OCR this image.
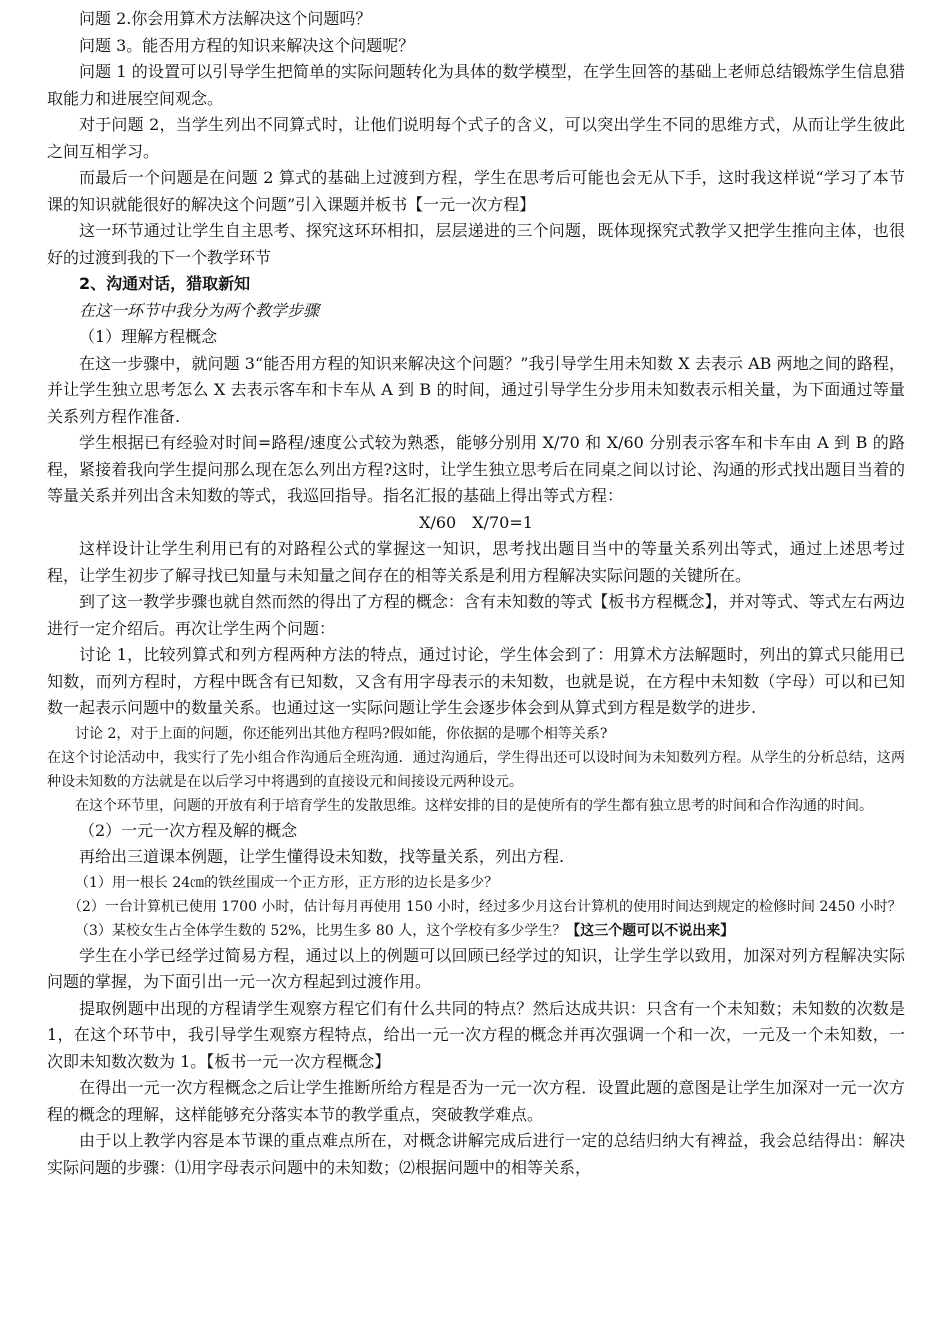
问题 2.你会用算术方法解决这个问题吗？

问题 3。能否用方程的知识来解决这个问题呢？

问题 1 的设置可以引导学生把简单的实际问题转化为具体的数学模型，在学生回答的基础上老师总结锻炼学生信息猎取能力和进展空间观念。

对于问题 2，当学生列出不同算式时，让他们说明每个式子的含义，可以突出学生不同的思维方式，从而让学生彼此之间互相学习。

而最后一个问题是在问题 2 算式的基础上过渡到方程，学生在思考后可能也会无从下手，这时我这样说“学习了本节课的知识就能很好的解决这个问题”引入课题并板书【一元一次方程】

这一环节通过让学生自主思考、探究这环环相扣，层层递进的三个问题，既体现探究式教学又把学生推向主体，也很好的过渡到我的下一个教学环节

2、沟通对话，猎取新知

在这一环节中我分为两个教学步骤

（1）理解方程概念

在这一步骤中，就问题 3“能否用方程的知识来解决这个问题？”我引导学生用未知数 X 去表示 AB 两地之间的路程，并让学生独立思考怎么 X 去表示客车和卡车从 A 到 B 的时间，通过引导学生分步用未知数表示相关量，为下面通过等量关系列方程作准备.

学生根据已有经验对时间=路程/速度公式较为熟悉，能够分别用 X/70 和 X/60 分别表示客车和卡车由 A 到 B 的路程，紧接着我向学生提问那么现在怎么列出方程?这时，让学生独立思考后在同桌之间以讨论、沟通的形式找出题目当着的等量关系并列出含未知数的等式，我巡回指导。指名汇报的基础上得出等式方程：

X/60　X/70=1

这样设计让学生利用已有的对路程公式的掌握这一知识，思考找出题目当中的等量关系列出等式，通过上述思考过程，让学生初步了解寻找已知量与未知量之间存在的相等关系是利用方程解决实际问题的关键所在。

到了这一教学步骤也就自然而然的得出了方程的概念：含有未知数的等式【板书方程概念】，并对等式、等式左右两边进行一定介绍后。再次让学生两个问题：

讨论 1，比较列算式和列方程两种方法的特点，通过讨论，学生体会到了：用算术方法解题时，列出的算式只能用已知数，而列方程时，方程中既含有已知数，又含有用字母表示的未知数，也就是说，在方程中未知数（字母）可以和已知数一起表示问题中的数量关系。也通过这一实际问题让学生会逐步体会到从算式到方程是数学的进步.

讨论 2，对于上面的问题，你还能列出其他方程吗?假如能，你依据的是哪个相等关系?

在这个讨论活动中，我实行了先小组合作沟通后全班沟通．通过沟通后，学生得出还可以设时间为未知数列方程。从学生的分析总结，这两种设未知数的方法就是在以后学习中将遇到的直接设元和间接设元两种设元。

在这个环节里，问题的开放有利于培育学生的发散思维。这样安排的目的是使所有的学生都有独立思考的时间和合作沟通的时间。

（2）一元一次方程及解的概念

再给出三道课本例题，让学生懂得设未知数，找等量关系，列出方程.

（1）用一根长 24㎝的铁丝围成一个正方形，正方形的边长是多少？

（2）一台计算机已使用 1700 小时，估计每月再使用 150 小时，经过多少月这台计算机的使用时间达到规定的检修时间 2450 小时？

（3）某校女生占全体学生数的 52%，比男生多 80 人，这个学校有多少学生？【这三个题可以不说出来】

学生在小学已经学过简易方程，通过以上的例题可以回顾已经学过的知识，让学生学以致用，加深对列方程解决实际问题的掌握，为下面引出一元一次方程起到过渡作用。

提取例题中出现的方程请学生观察方程它们有什么共同的特点？然后达成共识：只含有一个未知数；未知数的次数是 1，在这个环节中，我引导学生观察方程特点，给出一元一次方程的概念并再次强调一个和一次，一元及一个未知数，一次即未知数次数为 1。【板书一元一次方程概念】

在得出一元一次方程概念之后让学生推断所给方程是否为一元一次方程．设置此题的意图是让学生加深对一元一次方程的概念的理解，这样能够充分落实本节的教学重点，突破教学难点。

由于以上教学内容是本节课的重点难点所在，对概念讲解完成后进行一定的总结归纳大有裨益，我会总结得出：解决实际问题的步骤：⑴用字母表示问题中的未知数；⑵根据问题中的相等关系，
